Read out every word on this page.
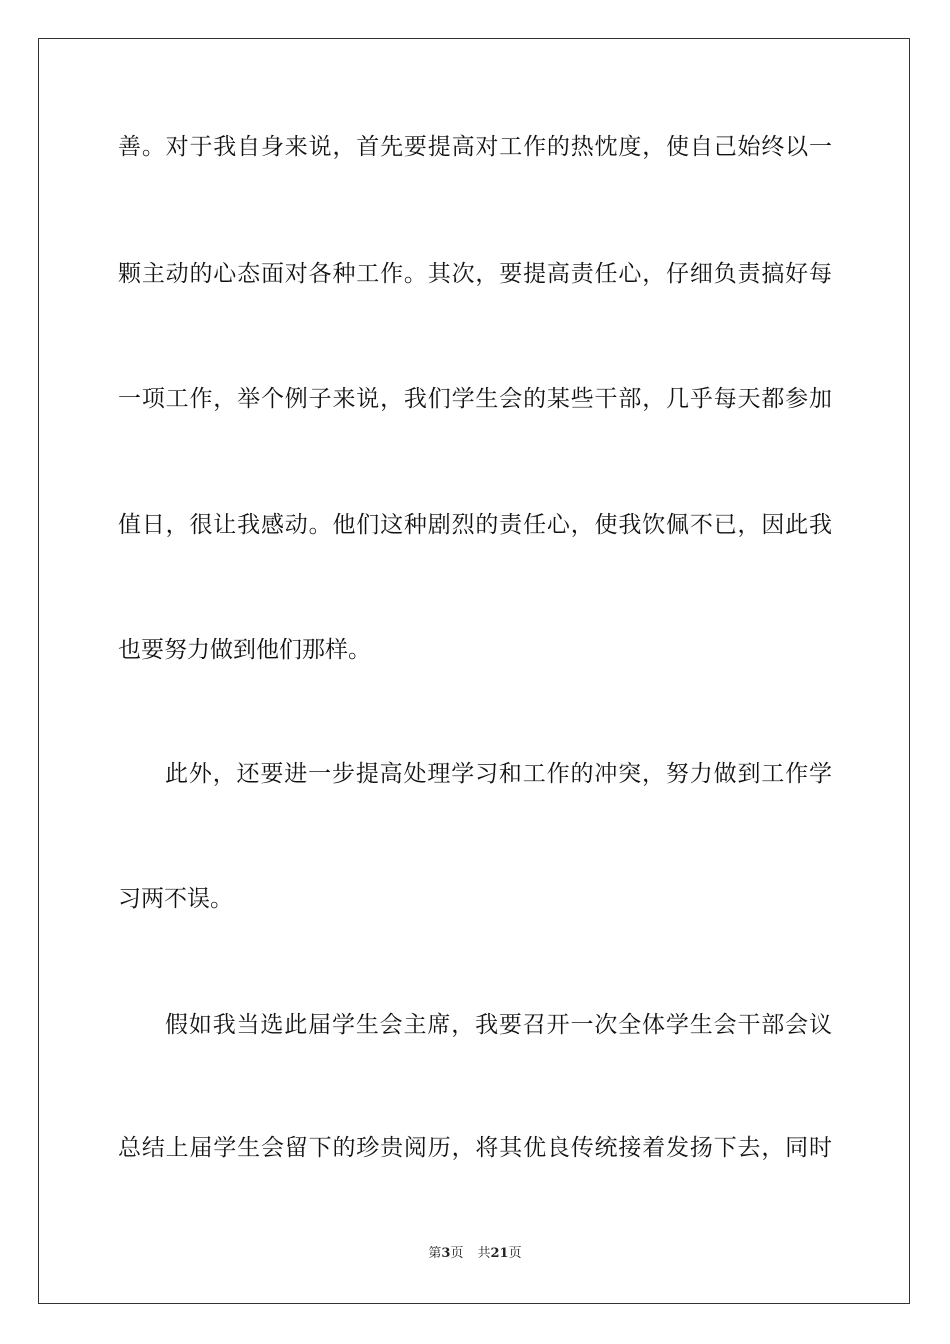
善。对于我自身来说，首先要提高对工作的热忱度，使自己始终以一
颗主动的心态面对各种工作。其次，要提高责任心，仔细负责搞好每
一项工作，举个例子来说，我们学生会的某些干部，几乎每天都参加
值日，很让我感动。他们这种剧烈的责任心，使我饮佩不已，因此我
也要努力做到他们那样。
此外，还要进一步提高处理学习和工作的冲突，努力做到工作学
习两不误。
假如我当选此届学生会主席，我要召开一次全体学生会干部会议
总结上届学生会留下的珍贵阅历，将其优良传统接着发扬下去，同时
第3页 共21页
